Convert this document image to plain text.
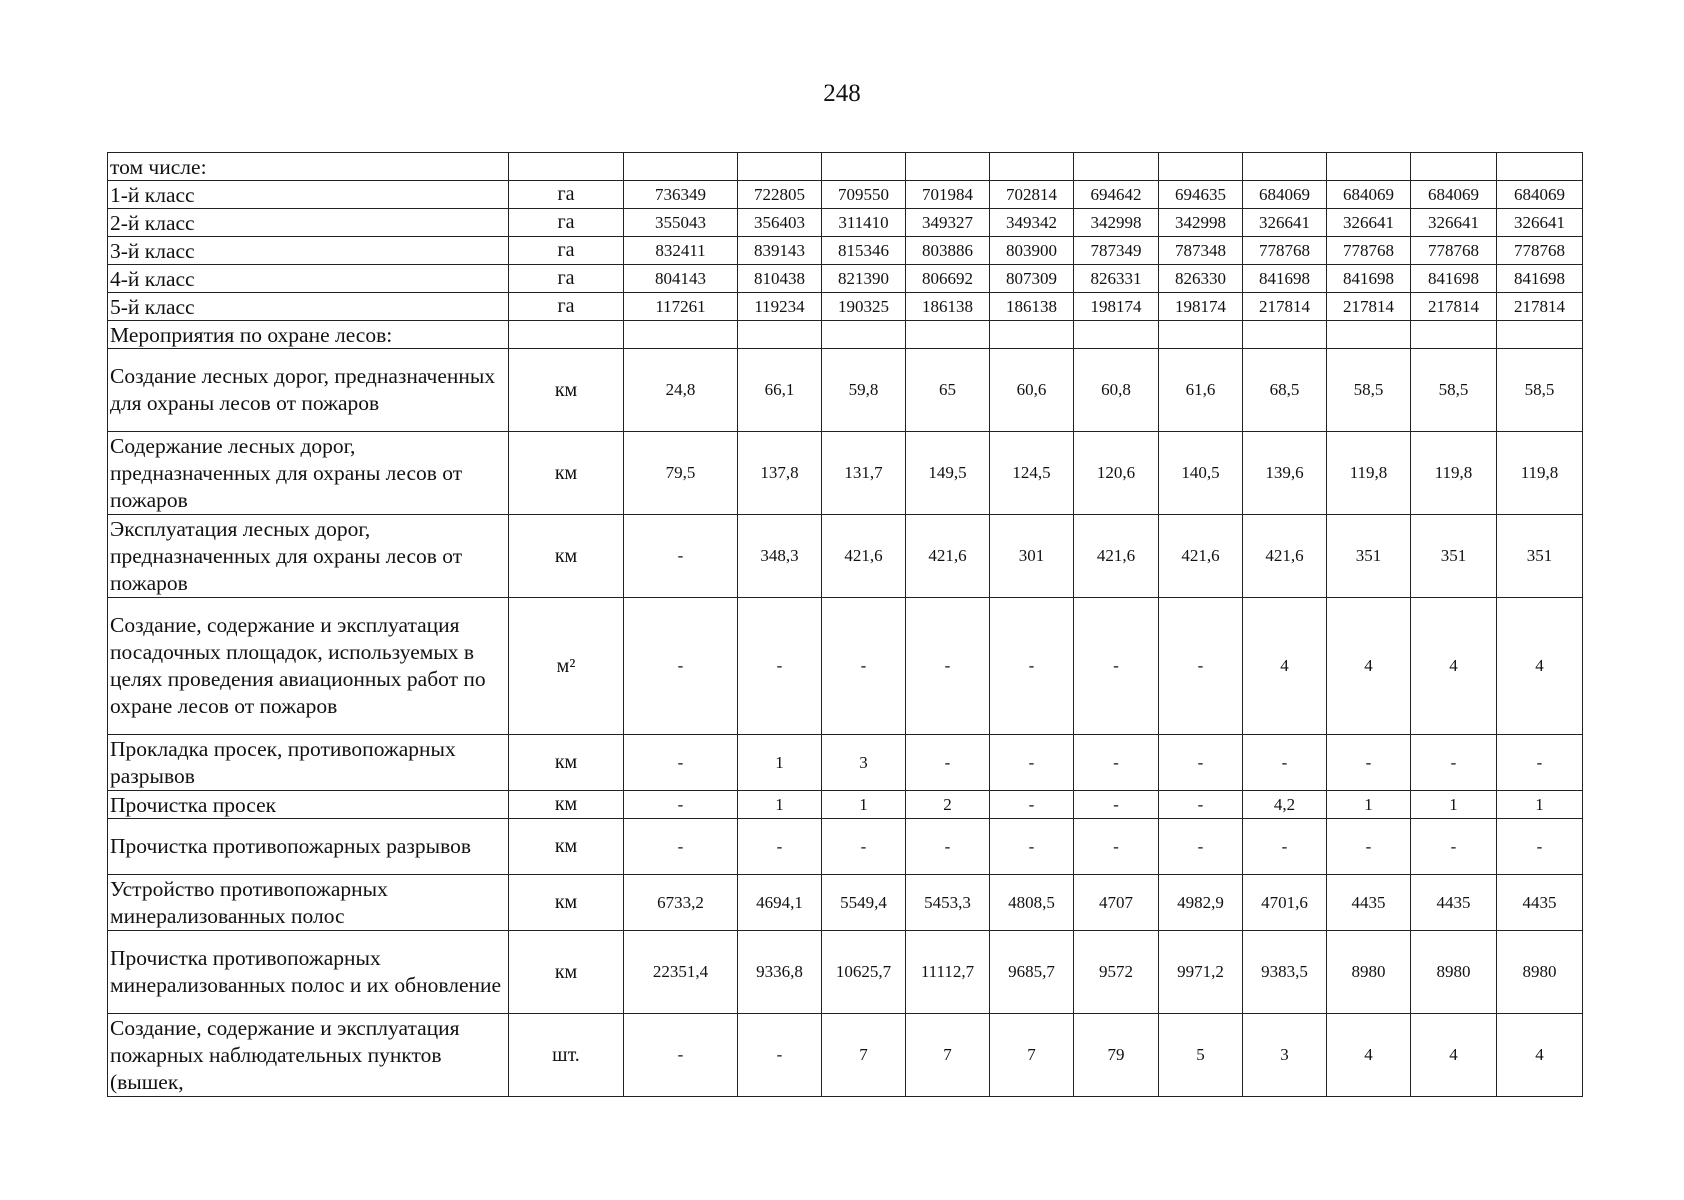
248
том числе:												
1-й класс	га	736349	722805	709550	701984	702814	694642	694635	684069	684069	684069	684069
2-й класс	га	355043	356403	311410	349327	349342	342998	342998	326641	326641	326641	326641
3-й класс	га	832411	839143	815346	803886	803900	787349	787348	778768	778768	778768	778768
4-й класс	га	804143	810438	821390	806692	807309	826331	826330	841698	841698	841698	841698
5-й класс	га	117261	119234	190325	186138	186138	198174	198174	217814	217814	217814	217814
Мероприятия по охране лесов:												
Создание лесных дорог, предназначенных для охраны лесов от пожаров	км	24,8	66,1	59,8	65	60,6	60,8	61,6	68,5	58,5	58,5	58,5
Содержание лесных дорог, предназначенных для охраны лесов от пожаров	км	79,5	137,8	131,7	149,5	124,5	120,6	140,5	139,6	119,8	119,8	119,8
Эксплуатация лесных дорог, предназначенных для охраны лесов от пожаров	км	-	348,3	421,6	421,6	301	421,6	421,6	421,6	351	351	351
Создание, содержание и эксплуатация посадочных площадок, используемых в целях проведения авиационных работ по охране лесов от пожаров	м²	-	-	-	-	-	-	-	4	4	4	4
Прокладка просек, противопожарных разрывов	км	-	1	3	-	-	-	-	-	-	-	-
Прочистка просек	км	-	1	1	2	-	-	-	4,2	1	1	1
Прочистка противопожарных разрывов	км	-	-	-	-	-	-	-	-	-	-	-
Устройство противопожарных минерализованных полос	км	6733,2	4694,1	5549,4	5453,3	4808,5	4707	4982,9	4701,6	4435	4435	4435
Прочистка противопожарных минерализованных полос и их обновление	км	22351,4	9336,8	10625,7	11112,7	9685,7	9572	9971,2	9383,5	8980	8980	8980
Создание, содержание и эксплуатация пожарных наблюдательных пунктов (вышек,	шт.	-	-	7	7	7	79	5	3	4	4	4
